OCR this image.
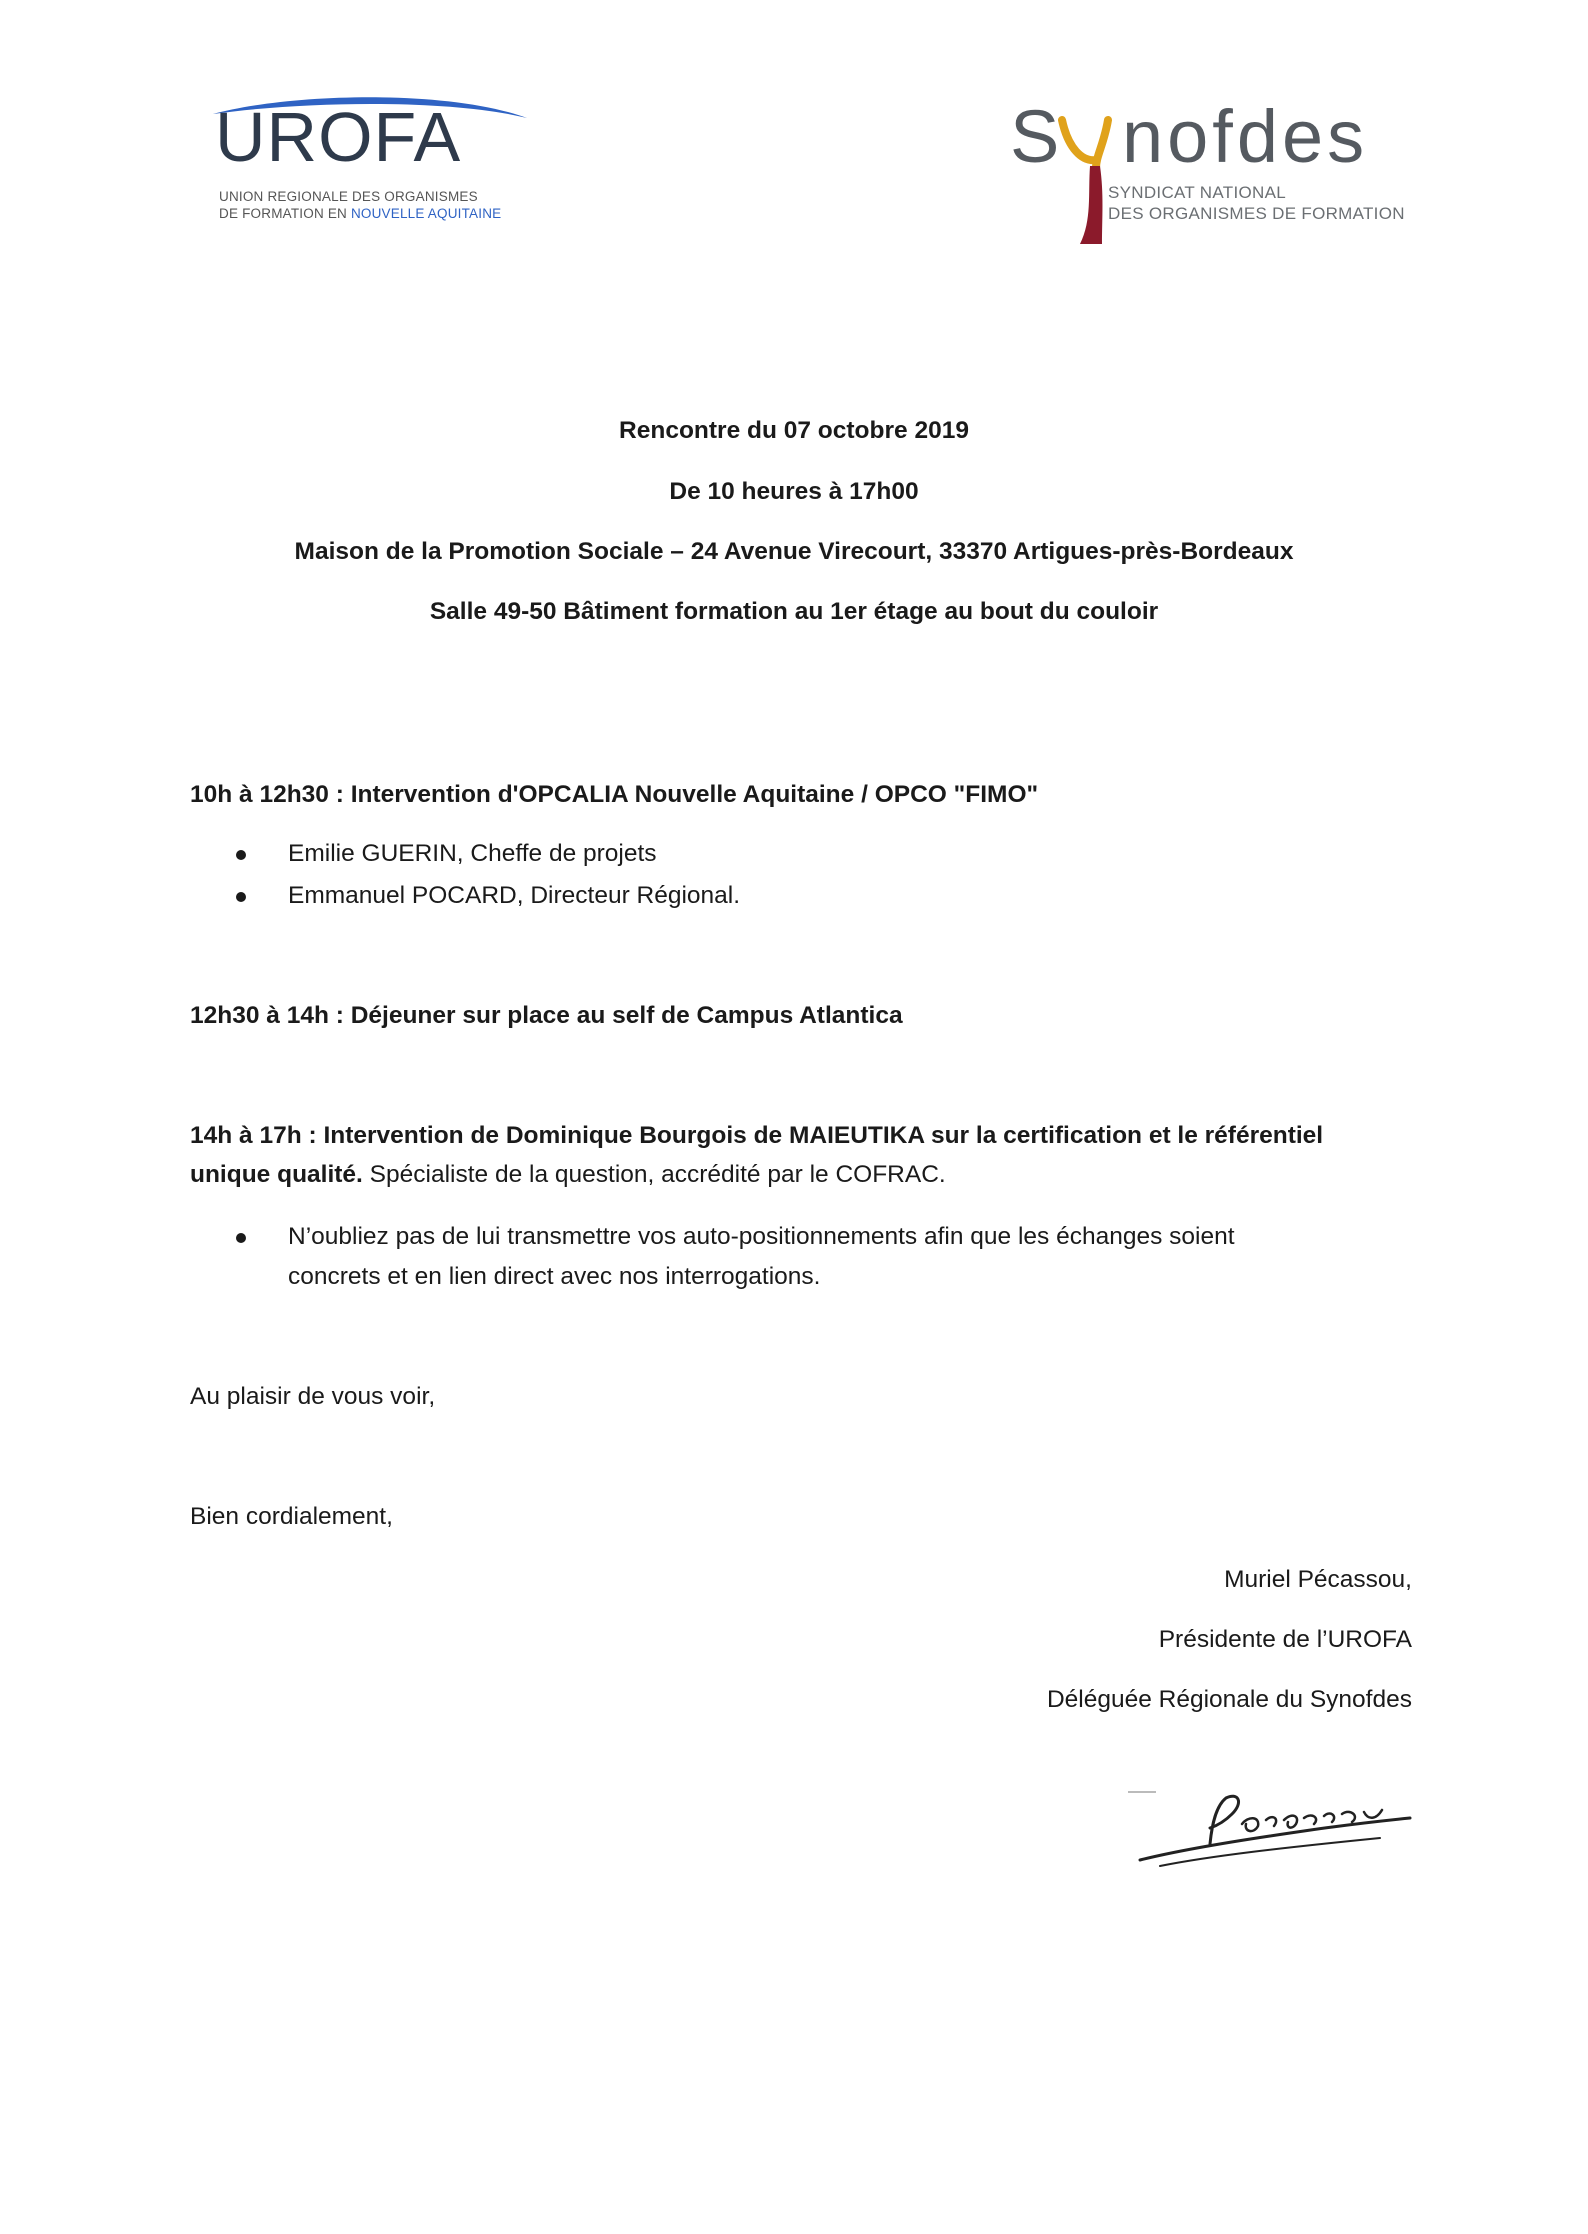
UROFA
UNION REGIONALE DES ORGANISMES
DE FORMATION EN NOUVELLE AQUITAINE
S nofdes
SYNDICAT NATIONAL
DES ORGANISMES DE FORMATION
Rencontre du 07 octobre 2019
De 10 heures à 17h00
Maison de la Promotion Sociale – 24 Avenue Virecourt, 33370 Artigues-près-Bordeaux
Salle 49-50 Bâtiment formation au 1er étage au bout du couloir
10h à 12h30 : Intervention d'OPCALIA Nouvelle Aquitaine / OPCO "FIMO"
Emilie GUERIN, Cheffe de projets
Emmanuel POCARD, Directeur Régional.
12h30 à 14h : Déjeuner sur place au self de Campus Atlantica
14h à 17h : Intervention de Dominique Bourgois de MAIEUTIKA sur la certification et le référentiel
unique qualité. Spécialiste de la question, accrédité par le COFRAC.
N’oubliez pas de lui transmettre vos auto-positionnements afin que les échanges soient
concrets et en lien direct avec nos interrogations.
Au plaisir de vous voir,
Bien cordialement,
Muriel Pécassou,
Présidente de l’UROFA
Déléguée Régionale du Synofdes
